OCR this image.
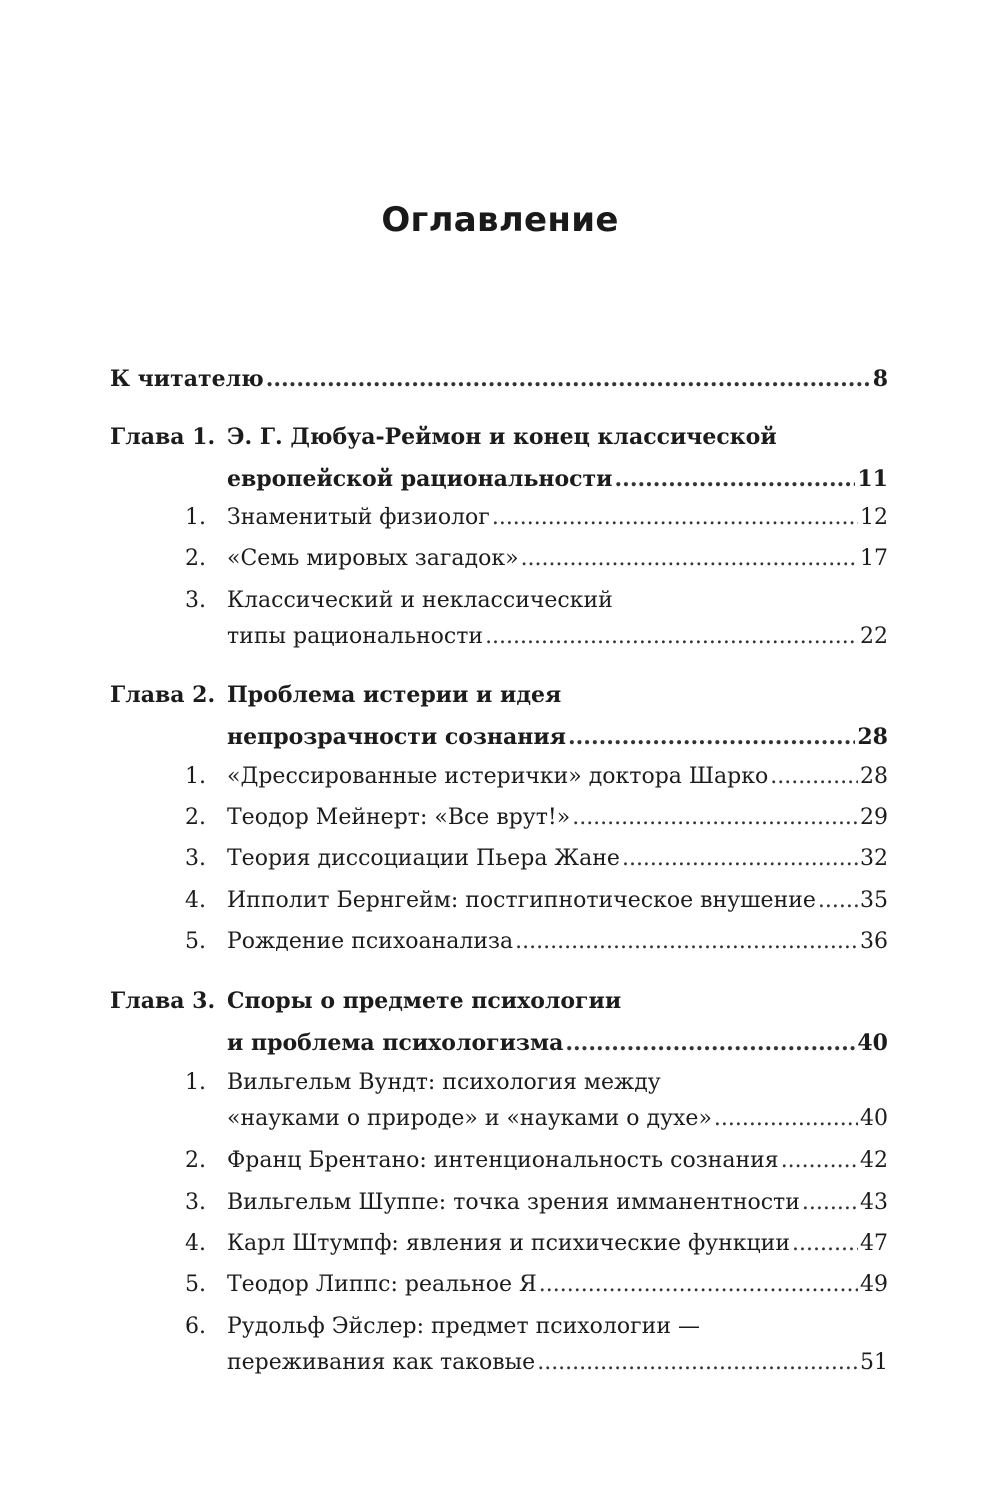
Оглавление
К читателю .....	8
Глава 1. Э. Г. Дюбуа-Реймон и конец классической
европейской рациональности .....	11
1. Знаменитый физиолог .....	12
2. «Семь мировых загадок» .....	17
3. Классический и неклассический
типы рациональности .....	22
Глава 2. Проблема истерии и идея
непрозрачности сознания .....	28
1. «Дрессированные истерички» доктора Шарко .....	28
2. Теодор Мейнерт: «Все врут!» .....	29
3. Теория диссоциации Пьера Жане .....	32
4. Ипполит Бернгейм: постгипнотическое внушение ..... 35
5. Рождение психоанализа .....	36
Глава 3. Споры о предмете психологии
и проблема психологизма .....	40
1. Вильгельм Вундт: психология между
«науками о природе» и «науками о духе» .....	40
2. Франц Брентано: интенциональность сознания .....	42
3. Вильгельм Шуппе: точка зрения имманентности .....	43
4. Карл Штумпф: явления и психические функции .....	47
5. Теодор Липпс: реальное Я .....	49
6. Рудольф Эйслер: предмет психологии —
переживания как таковые .....	51
